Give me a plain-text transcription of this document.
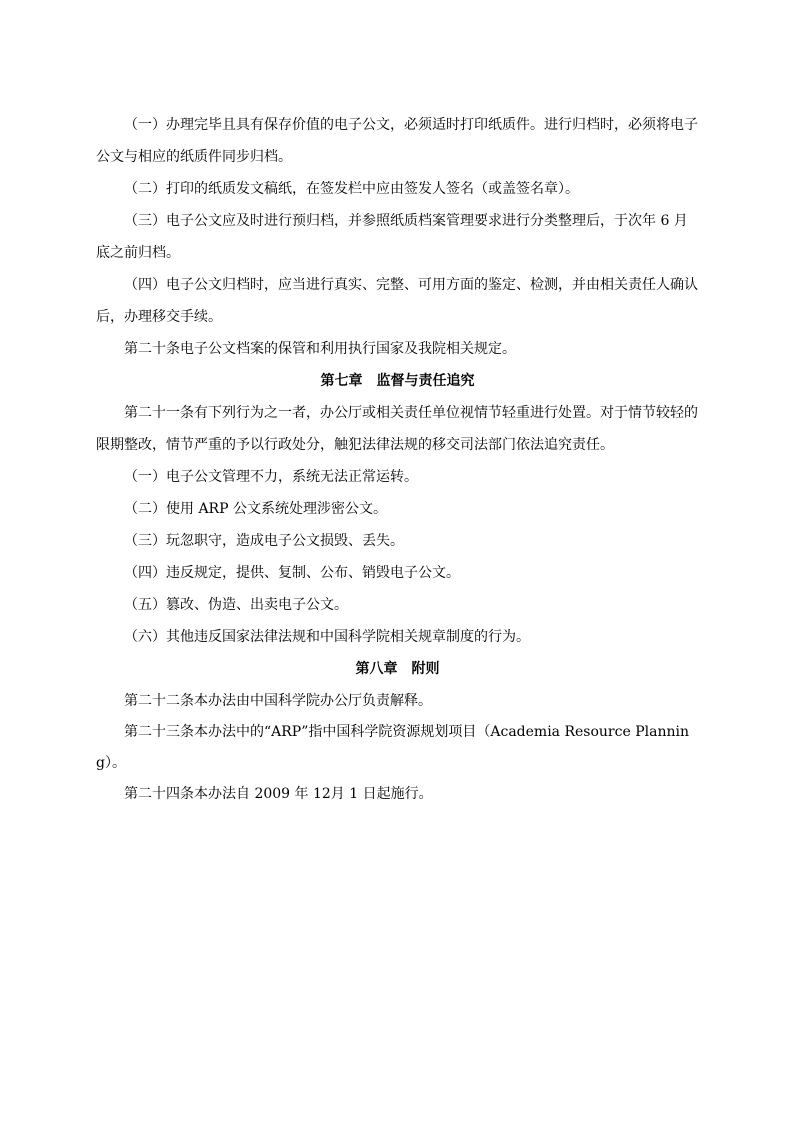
（一）办理完毕且具有保存价值的电子公文，必须适时打印纸质件。进行归档时，必须将电子公文与相应的纸质件同步归档。

（二）打印的纸质发文稿纸，在签发栏中应由签发人签名（或盖签名章）。

（三）电子公文应及时进行预归档，并参照纸质档案管理要求进行分类整理后，于次年 6 月底之前归档。

（四）电子公文归档时，应当进行真实、完整、可用方面的鉴定、检测，并由相关责任人确认后，办理移交手续。

第二十条电子公文档案的保管和利用执行国家及我院相关规定。

第七章　监督与责任追究

第二十一条有下列行为之一者，办公厅或相关责任单位视情节轻重进行处置。对于情节较轻的限期整改，情节严重的予以行政处分，触犯法律法规的移交司法部门依法追究责任。

（一）电子公文管理不力，系统无法正常运转。

（二）使用 ARP 公文系统处理涉密公文。

（三）玩忽职守，造成电子公文损毁、丢失。

（四）违反规定，提供、复制、公布、销毁电子公文。

（五）篡改、伪造、出卖电子公文。

（六）其他违反国家法律法规和中国科学院相关规章制度的行为。

第八章　附则

第二十二条本办法由中国科学院办公厅负责解释。

第二十三条本办法中的“ARP”指中国科学院资源规划项目（Academia Resource Planning）。

第二十四条本办法自 2009 年 12月 1 日起施行。
